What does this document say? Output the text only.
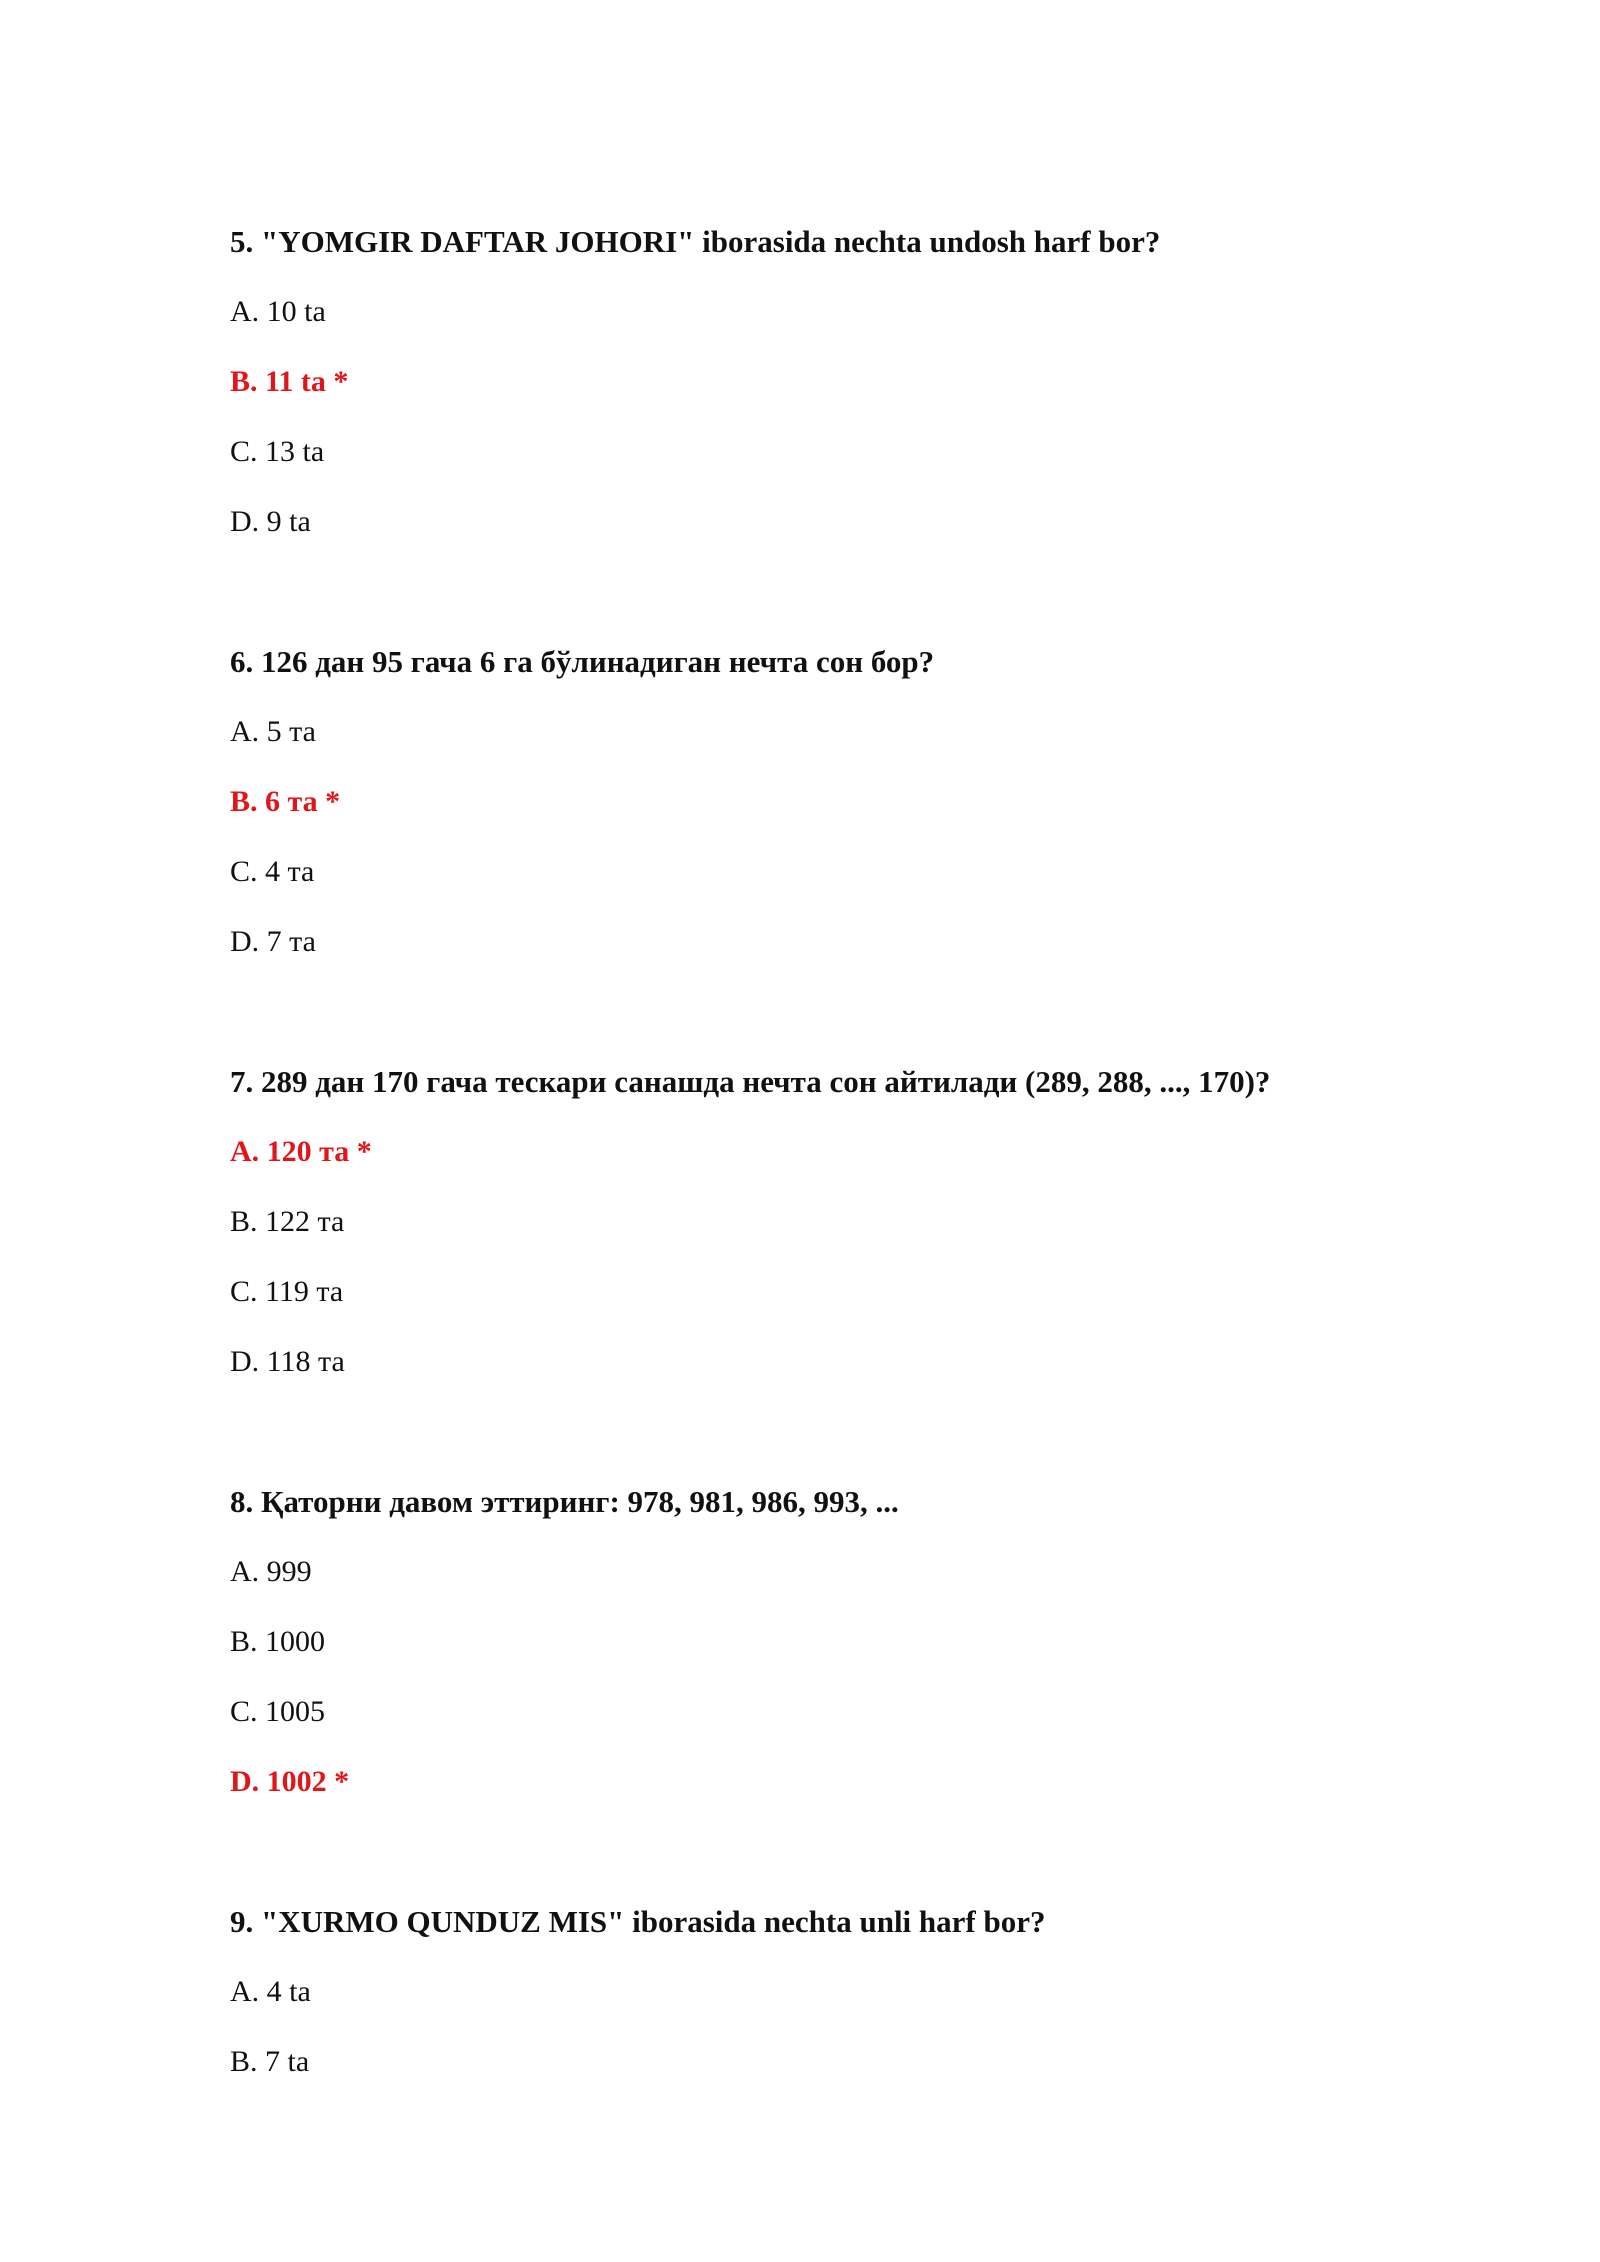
5. "YOMGIR DAFTAR JOHORI" iborasida nechta undosh harf bor?

A. 10 ta

B. 11 ta *

C. 13 ta

D. 9 ta

6. 126 дан 95 гача 6 га бўлинадиган нечта сон бор?

A. 5 та

B. 6 та *

C. 4 та

D. 7 та

7. 289 дан 170 гача тескари санашда нечта сон айтилади (289, 288, ..., 170)?

A. 120 та *

B. 122 та

C. 119 та

D. 118 та

8. Қаторни давом эттиринг: 978, 981, 986, 993, ...

A. 999

B. 1000

C. 1005

D. 1002 *

9. "XURMO QUNDUZ MIS" iborasida nechta unli harf bor?

A. 4 ta

B. 7 ta
